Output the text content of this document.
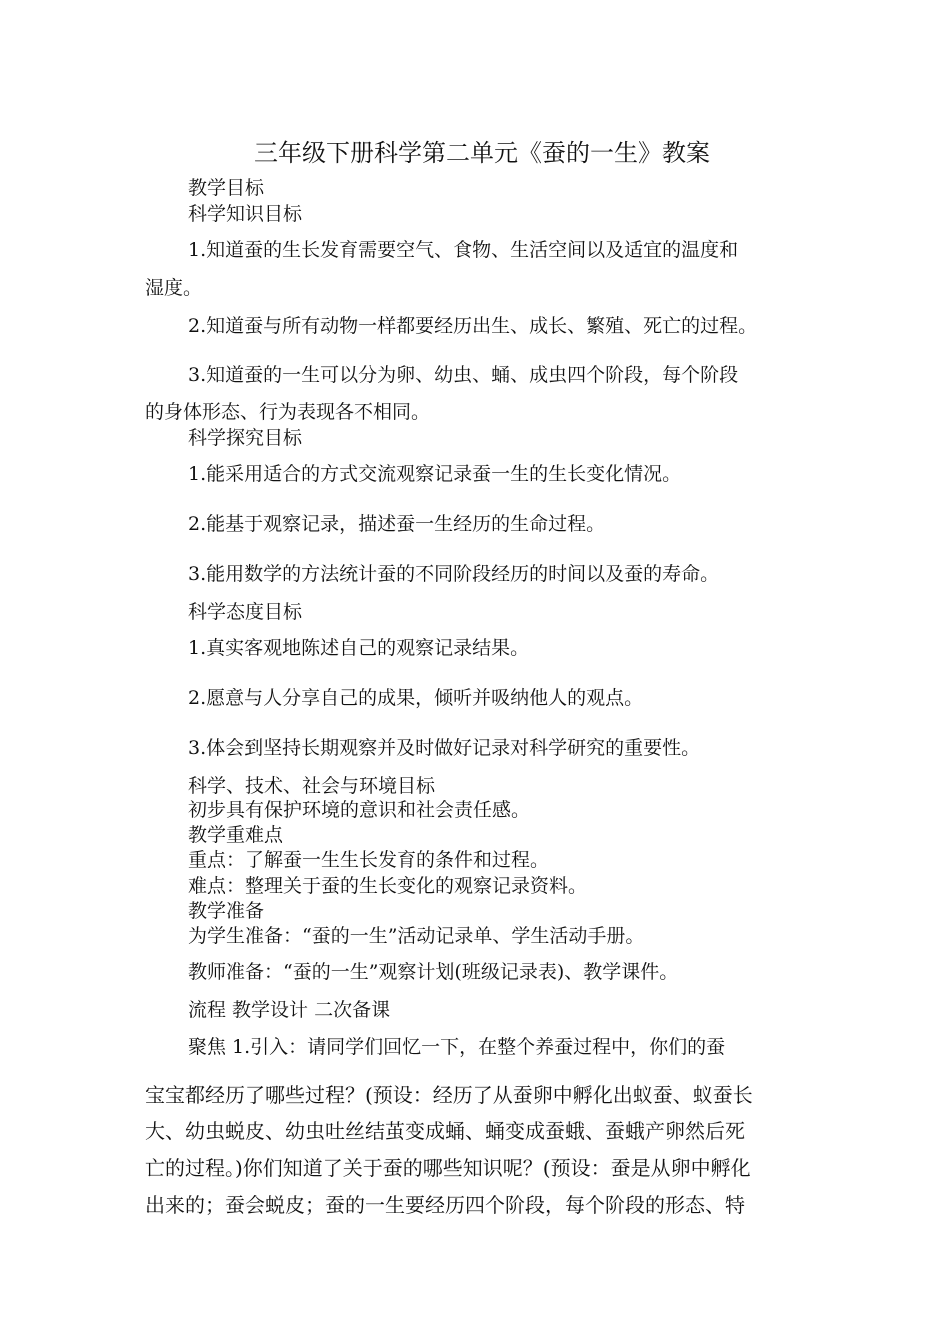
三年级下册科学第二单元《蚕的一生》教案

教学目标

科学知识目标

1.知道蚕的生长发育需要空气、食物、生活空间以及适宜的温度和

湿度。

2.知道蚕与所有动物一样都要经历出生、成长、繁殖、死亡的过程。

3.知道蚕的一生可以分为卵、幼虫、蛹、成虫四个阶段，每个阶段

的身体形态、行为表现各不相同。

科学探究目标

1.能采用适合的方式交流观察记录蚕一生的生长变化情况。

2.能基于观察记录，描述蚕一生经历的生命过程。

3.能用数学的方法统计蚕的不同阶段经历的时间以及蚕的寿命。

科学态度目标

1.真实客观地陈述自己的观察记录结果。

2.愿意与人分享自己的成果，倾听并吸纳他人的观点。

3.体会到坚持长期观察并及时做好记录对科学研究的重要性。

科学、技术、社会与环境目标

初步具有保护环境的意识和社会责任感。

教学重难点

重点：了解蚕一生生长发育的条件和过程。

难点：整理关于蚕的生长变化的观察记录资料。

教学准备

为学生准备：“蚕的一生”活动记录单、学生活动手册。

教师准备：“蚕的一生”观察计划(班级记录表)、教学课件。

流程 教学设计 二次备课

聚焦 1.引入：请同学们回忆一下，在整个养蚕过程中，你们的蚕

宝宝都经历了哪些过程？(预设：经历了从蚕卵中孵化出蚁蚕、蚁蚕长

大、幼虫蜕皮、幼虫吐丝结茧变成蛹、蛹变成蚕蛾、蚕蛾产卵然后死

亡的过程。)你们知道了关于蚕的哪些知识呢？(预设：蚕是从卵中孵化

出来的；蚕会蜕皮；蚕的一生要经历四个阶段，每个阶段的形态、特
